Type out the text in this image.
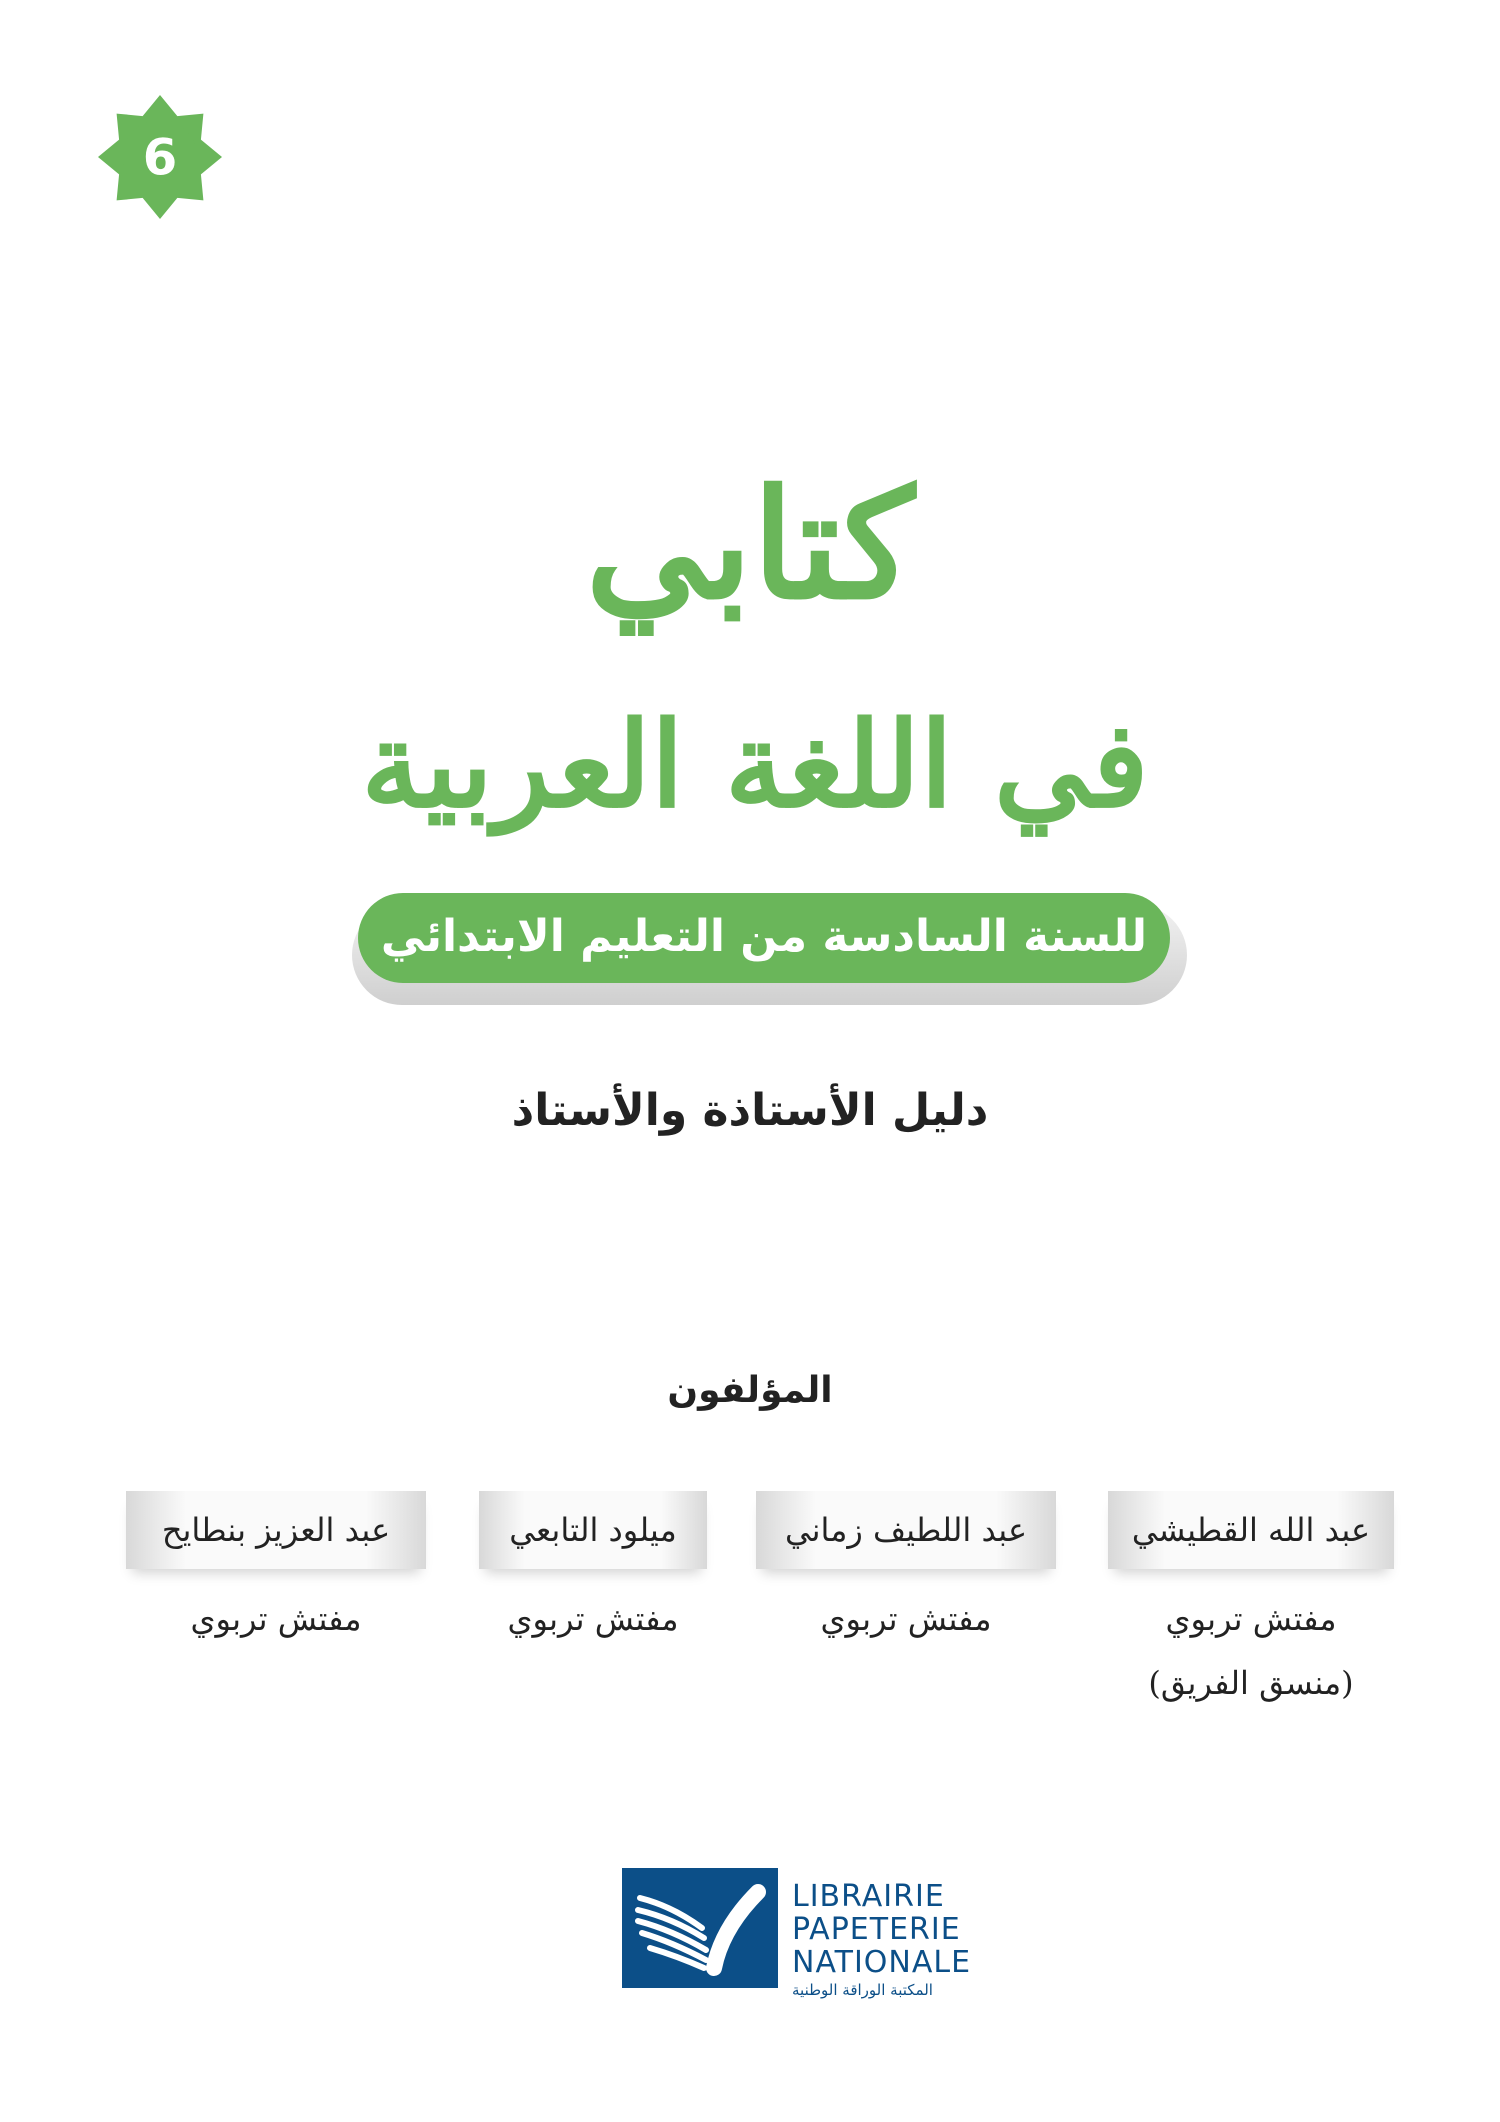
6
كتابي
في اللغة العربية
للسنة السادسة من التعليم الابتدائي
دليل الأستاذة والأستاذ
المؤلفون
عبد الله القطيشي
مفتش تربوي
(منسق الفريق)
عبد اللطيف زماني
مفتش تربوي
ميلود التابعي
مفتش تربوي
عبد العزيز بنطايح
مفتش تربوي
LIBRAIRIE
PAPETERIE
NATIONALE
المكتبة الوراقة الوطنية
